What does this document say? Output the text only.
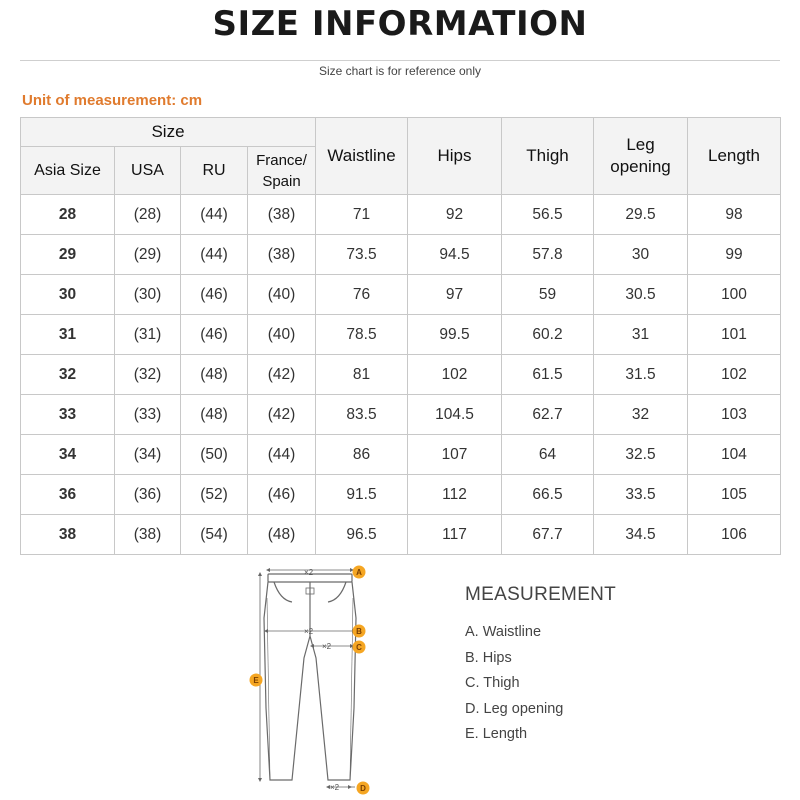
SIZE INFORMATION
Size chart is for reference only
Unit of measurement: cm
Size				Waistline	Hips	Thigh	Leg
opening	Length
Asia Size	USA	RU	France/
Spain					

28	(28)	(44)	(38)	71	92	56.5	29.5	98
29	(29)	(44)	(38)	73.5	94.5	57.8	30	99
30	(30)	(46)	(40)	76	97	59	30.5	100
31	(31)	(46)	(40)	78.5	99.5	60.2	31	101
32	(32)	(48)	(42)	81	102	61.5	31.5	102
33	(33)	(48)	(42)	83.5	104.5	62.7	32	103
34	(34)	(50)	(44)	86	107	64	32.5	104
36	(36)	(52)	(46)	91.5	112	66.5	33.5	105
38	(38)	(54)	(48)	96.5	117	67.7	34.5	106
×2
×2
×2
×2
A
B
C
D
E
MEASUREMENT
A. Waistline
B. Hips
C. Thigh
D. Leg opening
E. Length
